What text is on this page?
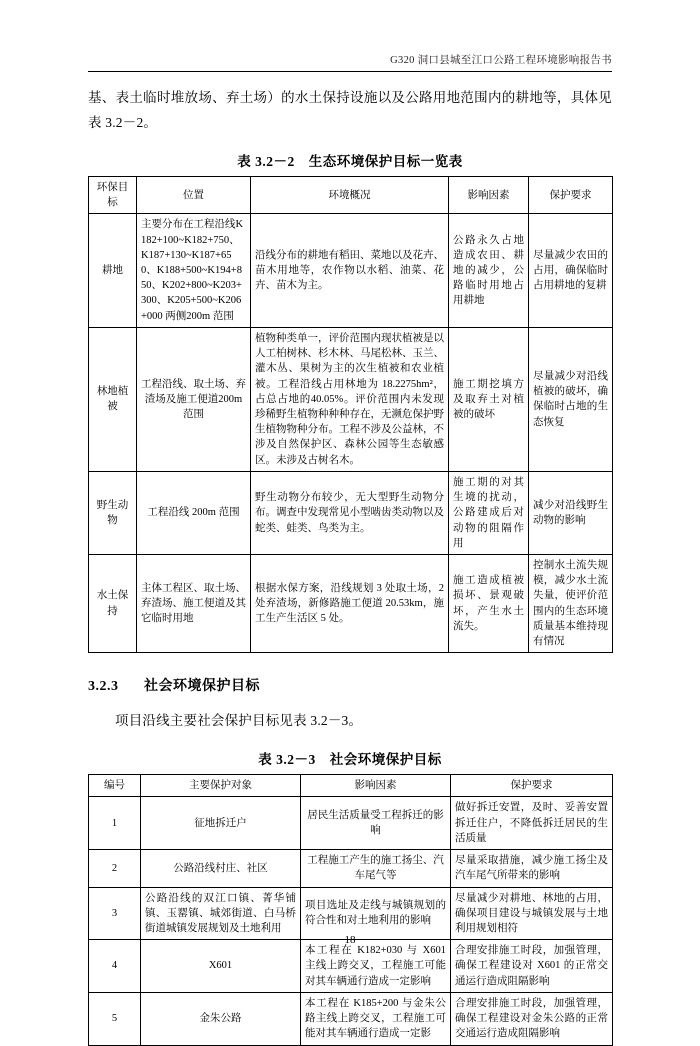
G320 洞口县城至江口公路工程环境影响报告书
基、表土临时堆放场、弃土场）的水土保持设施以及公路用地范围内的耕地等，具体见表 3.2－2。
表 3.2－2　生态环境保护目标一览表
环保目标	位置	环境概况	影响因素	保护要求
耕地	主要分布在工程沿线K182+100~K182+750、K187+130~K187+650、K188+500~K194+850、K202+800~K203+300、K205+500~K206+000 两侧200m 范围	沿线分布的耕地有稻田、菜地以及花卉、苗木用地等，农作物以水稻、油菜、花卉、苗木为主。	公路永久占地造成农田、耕地的减少，公路临时用地占用耕地	尽量减少农田的占用，确保临时占用耕地的复耕
林地植被	工程沿线、取土场、弃渣场及施工便道200m 范围	植物种类单一，评价范围内现状植被是以人工柏树林、杉木林、马尾松林、玉兰、灌木丛、果树为主的次生植被和农业植被。工程沿线占用林地为 18.2275hm²，占总占地的40.05%。评价范围内未发现珍稀野生植物种种种存在，无濒危保护野生植物物种分布。工程不涉及公益林，不涉及自然保护区、森林公园等生态敏感区。未涉及古树名木。	施工期挖填方及取弃土对植被的破坏	尽量减少对沿线植被的破坏，确保临时占地的生态恢复
野生动物	工程沿线 200m 范围	野生动物分布较少，无大型野生动物分布。调查中发现常见小型啮齿类动物以及蛇类、蛙类、鸟类为主。	施工期的对其生境的扰动，公路建成后对动物的阻隔作用	减少对沿线野生动物的影响
水土保持	主体工程区、取土场、弃渣场、施工便道及其它临时用地	根据水保方案，沿线规划 3 处取土场，2 处弃渣场，新修路施工便道 20.53km，施工生产生活区 5 处。	施工造成植被损坏、景观破坏，产生水土流失。	控制水土流失规模，减少水土流失量，使评价范围内的生态环境质量基本维持现有情况
3.2.3 社会环境保护目标
项目沿线主要社会保护目标见表 3.2－3。
表 3.2－3　社会环境保护目标
编号	主要保护对象	影响因素	保护要求
1	征地拆迁户	居民生活质量受工程拆迁的影响	做好拆迁安置，及时、妥善安置拆迁住户，不降低拆迁居民的生活质量
2	公路沿线村庄、社区	工程施工产生的施工扬尘、汽车尾气等	尽量采取措施，减少施工扬尘及汽车尾气所带来的影响
3	公路沿线的双江口镇、菁华铺镇、玉罂镇、城郊街道、白马桥街道城镇发展规划及土地利用	项目选址及走线与城镇规划的符合性和对土地利用的影响	尽量减少对耕地、林地的占用，确保项目建设与城镇发展与土地利用规划相符
4	X601	本工程在 K182+030 与 X601 主线上跨交叉，工程施工可能对其车辆通行造成一定影响	合理安排施工时段，加强管理，确保工程建设对 X601 的正常交通运行造成阻隔影响
5	金朱公路	本工程在 K185+200 与金朱公路主线上跨交叉，工程施工可能对其车辆通行造成一定影	合理安排施工时段，加强管理，确保工程建设对金朱公路的正常交通运行造成阻隔影响
18
